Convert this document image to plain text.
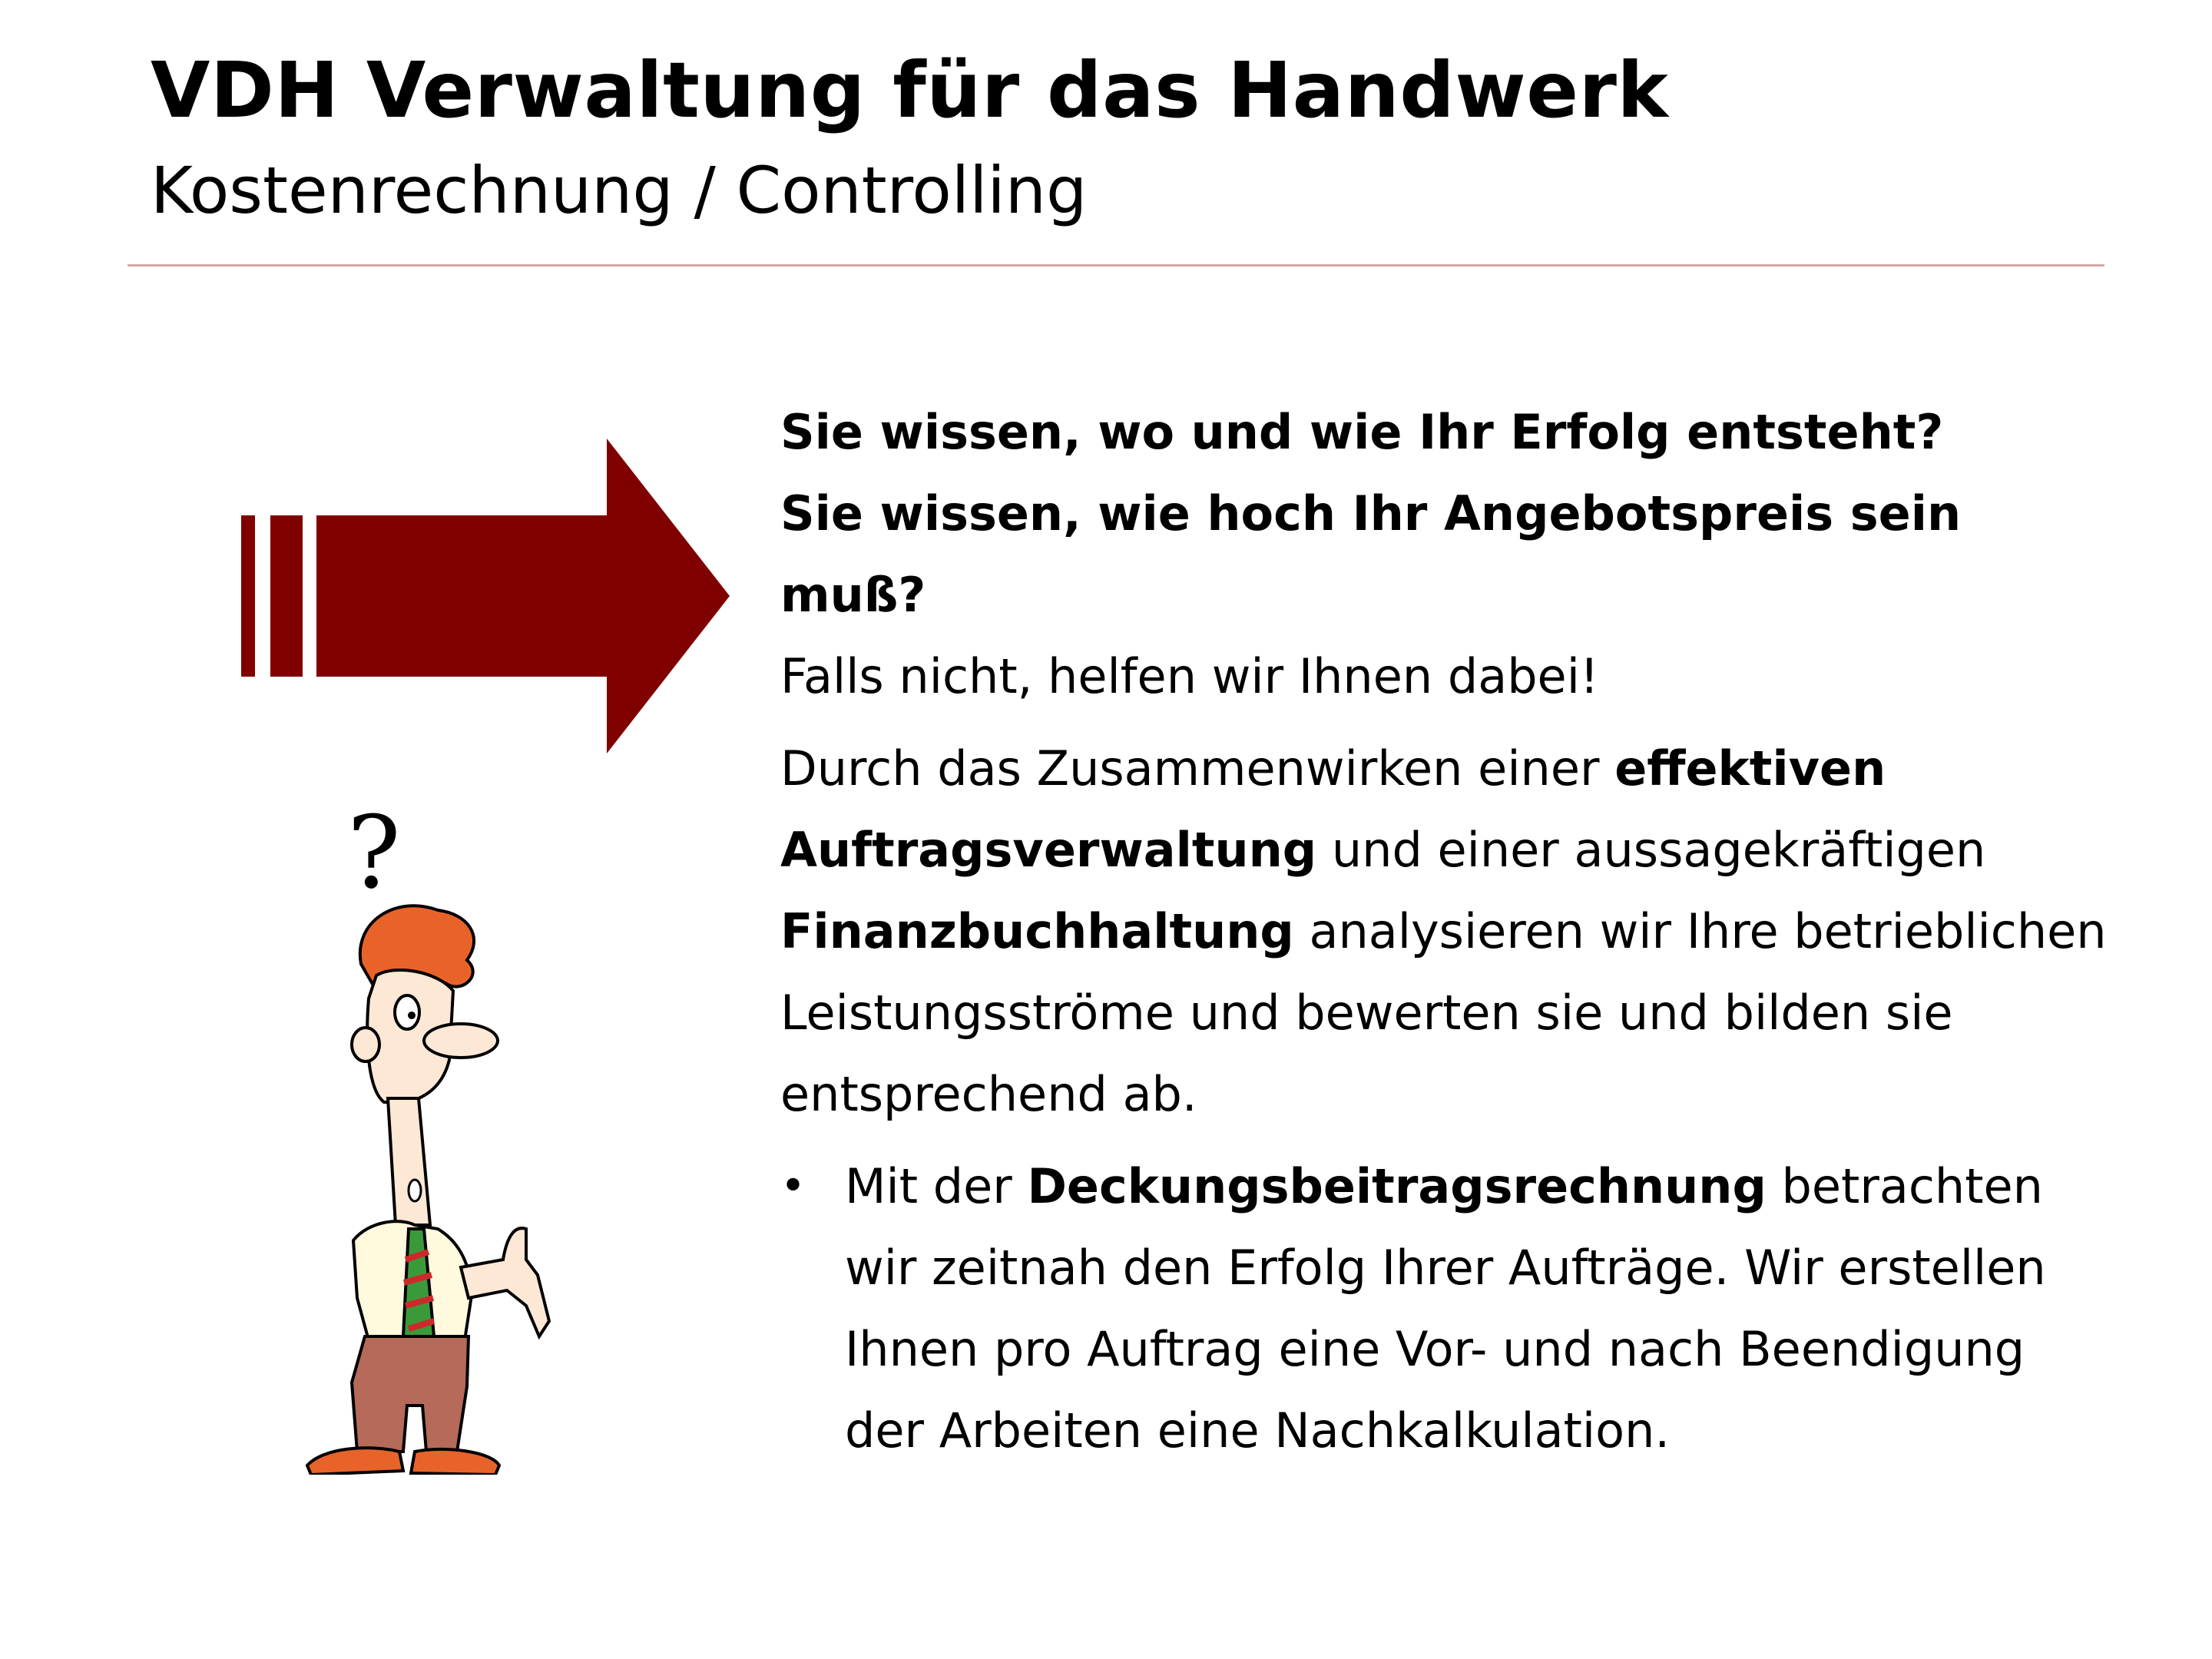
VDH Verwaltung für das Handwerk
Kostenrechnung / Controlling
?

Sie wissen, wo und wie Ihr Erfolg entsteht?

Sie wissen, wie hoch Ihr Angebotspreis sein muß?

Falls nicht, helfen wir Ihnen dabei!

Durch das Zusammenwirken einer effektiven Auftragsverwaltung und einer aussagekräftigen Finanzbuchhaltung analysieren wir Ihre betrieblichen Leistungsströme und bewerten sie und bilden sie entsprechend ab.

• Mit der Deckungsbeitragsrechnung betrachten wir zeitnah den Erfolg Ihrer Aufträge. Wir erstellen Ihnen pro Auftrag eine Vor- und nach Beendigung der Arbeiten eine Nachkalkulation.
